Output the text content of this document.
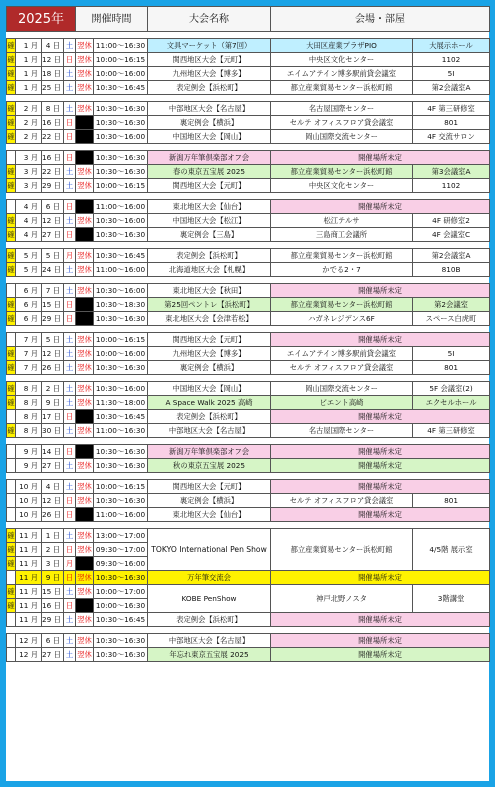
2025年				開催時間		大会名称	会場・部屋	

確	1 月	4 日	土	翌休	11:00〜16:30	文具マーケット（第7回）	大田区産業プラザPIO	大展示ホール
確	1 月	12 日	日	翌休	10:00〜16:15	関西地区大会【元町】	中央区文化センター	1102
確	1 月	18 日	土	翌休	10:00〜16:00	九州地区大会【博多】	エイムアテイン博多駅前貸会議室	5I
確	1 月	25 日	土	翌休	10:30〜16:45	表定例会【浜松町】	都立産業貿易センター浜松町館	第2会議室A

確	2 月	8 日	土	翌休	10:30〜16:30	中部地区大会【名古屋】	名古屋国際センター	4F 第三研修室
確	2 月	16 日	日		10:30〜16:30	裏定例会【横浜】	セルテ オフィスフロア貸会議室	801
確	2 月	22 日	日		10:30〜16:00	中国地区大会【岡山】	岡山国際交流センター	4F 交流サロン

	3 月	16 日	日		10:30〜16:30	新潟万年筆倶楽部オフ会	開催場所未定	
確	3 月	22 日	土	翌休	10:30〜16:30	春の東京五宝展 2025	都立産業貿易センター浜松町館	第3会議室A
確	3 月	29 日	土	翌休	10:00〜16:15	関西地区大会【元町】	中央区文化センター	1102

	4 月	6 日	日		11:00〜16:00	東北地区大会【仙台】	開催場所未定	
確	4 月	12 日	土	翌休	10:30〜16:00	中国地区大会【松江】	松江テルサ	4F 研修室2
確	4 月	27 日	日		10:30〜16:30	裏定例会【三島】	三島商工会議所	4F 会議室C

確	5 月	5 日	月	翌休	10:30〜16:45	表定例会【浜松町】	都立産業貿易センター浜松町館	第2会議室A
確	5 月	24 日	土	翌休	11:00〜16:00	北海道地区大会【札幌】	かでる2・7	810B

	6 月	7 日	土	翌休	10:30〜16:00	東北地区大会【秋田】	開催場所未定	
確	6 月	15 日	日		10:30〜18:30	第25回ペントレ【浜松町】	都立産業貿易センター浜松町館	第2会議室
確	6 月	29 日	日		10:30〜16:30	東北地区大会【会津若松】	ハガネレジデンス6F	スペース白虎町

	7 月	5 日	土	翌休	10:00〜16:15	関西地区大会【元町】	開催場所未定	
確	7 月	12 日	土	翌休	10:00〜16:00	九州地区大会【博多】	エイムアテイン博多駅前貸会議室	5I
確	7 月	26 日	土	翌休	10:30〜16:30	裏定例会【横浜】	セルテ オフィスフロア貸会議室	801

確	8 月	2 日	土	翌休	10:30〜16:00	中国地区大会【岡山】	岡山国際交流センター	5F 会議室(2)
確	8 月	9 日	土	翌休	11:30〜18:00	A Space Walk 2025 高崎	ビエント高崎	エクセルホール
	8 月	17 日	日		10:30〜16:45	表定例会【浜松町】	開催場所未定	
確	8 月	30 日	土	翌休	11:00〜16:30	中部地区大会【名古屋】	名古屋国際センター	4F 第三研修室

	9 月	14 日	日		10:30〜16:30	新潟万年筆倶楽部オフ会	開催場所未定	
	9 月	27 日	土	翌休	10:30〜16:30	秋の東京五宝展 2025	開催場所未定	

	10 月	4 日	土	翌休	10:00〜16:15	関西地区大会【元町】	開催場所未定	
	10 月	12 日	日	翌休	10:30〜16:30	裏定例会【横浜】	セルテ オフィスフロア貸会議室	801
	10 月	26 日	日		11:00〜16:00	東北地区大会【仙台】	開催場所未定	

確	11 月	1 日	土	翌休	13:00〜17:00	TOKYO International Pen Show	都立産業貿易センター浜松町館	4/5階 展示室
確	11 月	2 日	日	翌休	09:30〜17:00			
確	11 月	3 日	月		09:30〜16:00			
	11 月	9 日	日	翌休	10:30〜16:30	万年筆交流会	開催場所未定	
確	11 月	15 日	土	翌休	10:00〜17:00	KOBE PenShow	神戸北野ノスタ	3階講堂
確	11 月	16 日	日		10:00〜16:30			
	11 月	29 日	土	翌休	10:30〜16:45	表定例会【浜松町】	開催場所未定	

	12 月	6 日	土	翌休	10:30〜16:30	中部地区大会【名古屋】	開催場所未定	
	12 月	27 日	土	翌休	10:30〜16:30	年忘れ東京五宝展 2025	開催場所未定	
